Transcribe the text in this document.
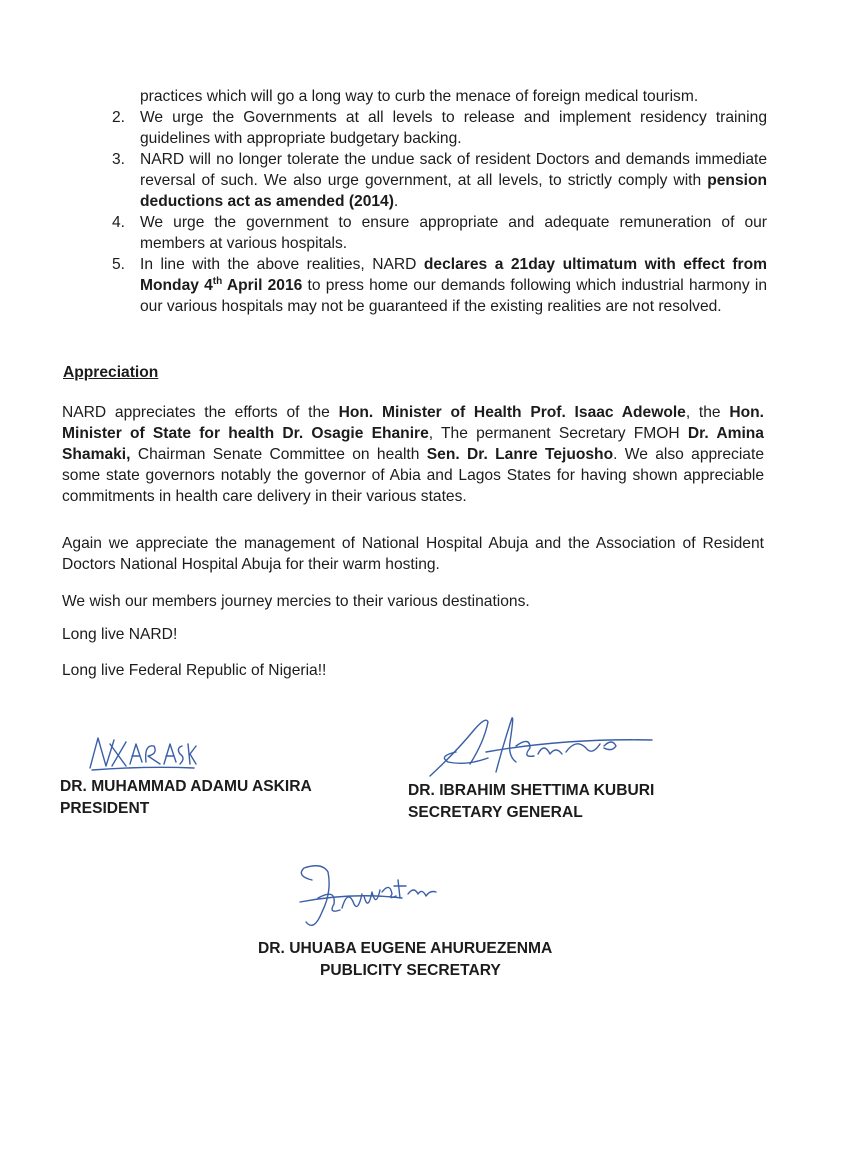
practices which will go a long way to curb the menace of foreign medical tourism.

2. We urge the Governments at all levels to release and implement residency training guidelines with appropriate budgetary backing.
3. NARD will no longer tolerate the undue sack of resident Doctors and demands immediate reversal of such. We also urge government, at all levels, to strictly comply with pension deductions act as amended (2014).
4. We urge the government to ensure appropriate and adequate remuneration of our members at various hospitals.
5. In line with the above realities, NARD declares a 21day ultimatum with effect from Monday 4th April 2016 to press home our demands following which industrial harmony in our various hospitals may not be guaranteed if the existing realities are not resolved.
Appreciation

NARD appreciates the efforts of the Hon. Minister of Health Prof. Isaac Adewole, the Hon. Minister of State for health Dr. Osagie Ehanire, The permanent Secretary FMOH Dr. Amina Shamaki, Chairman Senate Committee on health Sen. Dr. Lanre Tejuosho. We also appreciate some state governors notably the governor of Abia and Lagos States for having shown appreciable commitments in health care delivery in their various states.

Again we appreciate the management of National Hospital Abuja and the Association of Resident Doctors National Hospital Abuja for their warm hosting.

We wish our members journey mercies to their various destinations.

Long live NARD!

Long live Federal Republic of Nigeria!!

DR. MUHAMMAD ADAMU ASKIRA
PRESIDENT
DR. IBRAHIM SHETTIMA KUBURI
SECRETARY GENERAL
DR. UHUABA EUGENE AHURUEZENMA
PUBLICITY SECRETARY
